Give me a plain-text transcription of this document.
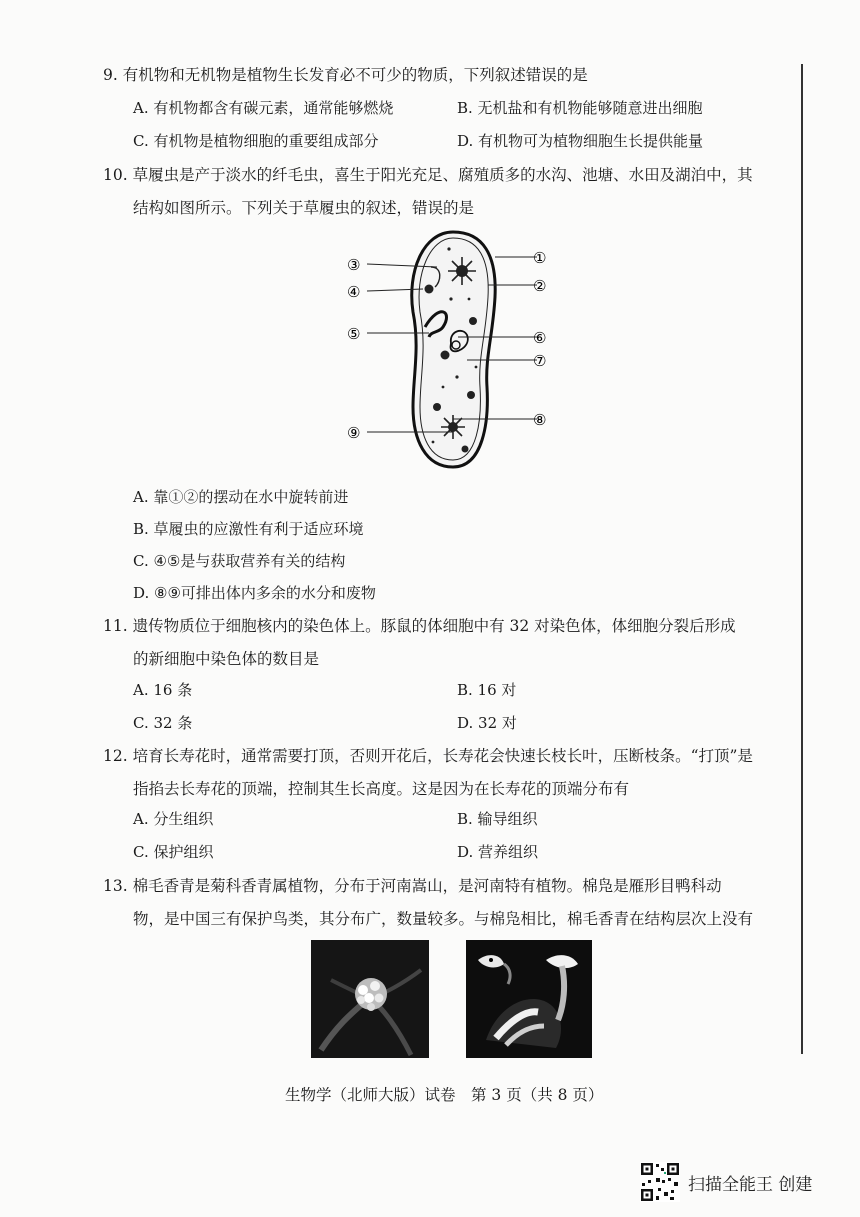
9. 有机物和无机物是植物生长发育必不可少的物质，下列叙述错误的是
A. 有机物都含有碳元素，通常能够燃烧	B. 无机盐和有机物能够随意进出细胞
C. 有机物是植物细胞的重要组成部分	D. 有机物可为植物细胞生长提供能量
10. 草履虫是产于淡水的纤毛虫，喜生于阳光充足、腐殖质多的水沟、池塘、水田及湖泊中，其
结构如图所示。下列关于草履虫的叙述，错误的是
①
②
③
④
⑤	⑥
⑦
⑧
⑨
A. 靠①②的摆动在水中旋转前进
B. 草履虫的应激性有利于适应环境
C. ④⑤是与获取营养有关的结构
D. ⑧⑨可排出体内多余的水分和废物
11. 遗传物质位于细胞核内的染色体上。豚鼠的体细胞中有 32 对染色体，体细胞分裂后形成
的新细胞中染色体的数目是
A. 16 条	B. 16 对
C. 32 条	D. 32 对
12. 培育长寿花时，通常需要打顶，否则开花后，长寿花会快速长枝长叶，压断枝条。“打顶”是
指掐去长寿花的顶端，控制其生长高度。这是因为在长寿花的顶端分布有
A. 分生组织	B. 输导组织
C. 保护组织	D. 营养组织
13. 棉毛香青是菊科香青属植物，分布于河南嵩山，是河南特有植物。棉凫是雁形目鸭科动
物，是中国三有保护鸟类，其分布广，数量较多。与棉凫相比，棉毛香青在结构层次上没有
生物学（北师大版）试卷　第 3 页（共 8 页）
扫描全能王 创建
